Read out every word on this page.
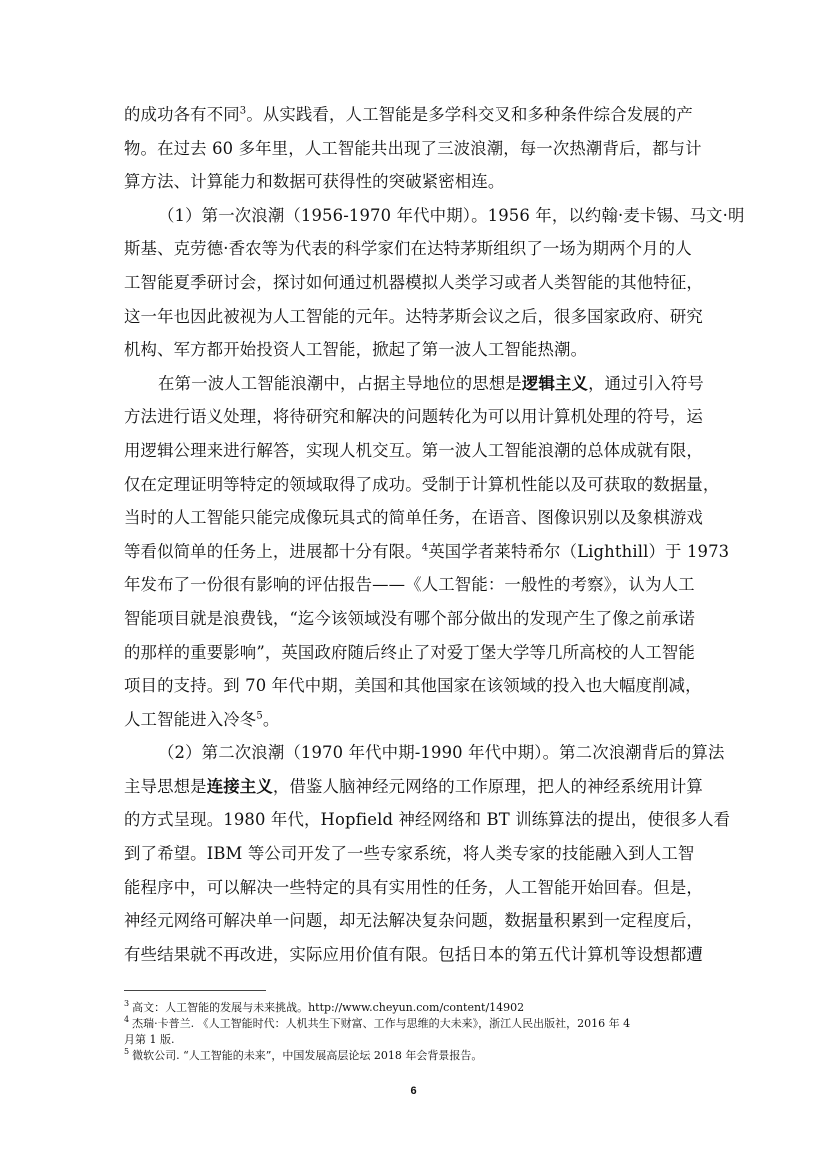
的成功各有不同$^3$。从实践看，人工智能是多学科交叉和多种条件综合发展的产
物。在过去 60 多年里，人工智能共出现了三波浪潮，每一次热潮背后，都与计
算方法、计算能力和数据可获得性的突破紧密相连。
（1）第一次浪潮（1956-1970 年代中期）。1956 年，以约翰·麦卡锡、马文·明
斯基、克劳德·香农等为代表的科学家们在达特茅斯组织了一场为期两个月的人
工智能夏季研讨会，探讨如何通过机器模拟人类学习或者人类智能的其他特征，
这一年也因此被视为人工智能的元年。达特茅斯会议之后，很多国家政府、研究
机构、军方都开始投资人工智能，掀起了第一波人工智能热潮。
在第一波人工智能浪潮中，占据主导地位的思想是逻辑主义，通过引入符号
方法进行语义处理，将待研究和解决的问题转化为可以用计算机处理的符号，运
用逻辑公理来进行解答，实现人机交互。第一波人工智能浪潮的总体成就有限，
仅在定理证明等特定的领域取得了成功。受制于计算机性能以及可获取的数据量，
当时的人工智能只能完成像玩具式的简单任务，在语音、图像识别以及象棋游戏
等看似简单的任务上，进展都十分有限。$^4$英国学者莱特希尔（Lighthill）于 1973
年发布了一份很有影响的评估报告——《人工智能：一般性的考察》，认为人工
智能项目就是浪费钱，“迄今该领域没有哪个部分做出的发现产生了像之前承诺
的那样的重要影响”，英国政府随后终止了对爱丁堡大学等几所高校的人工智能
项目的支持。到 70 年代中期，美国和其他国家在该领域的投入也大幅度削减，
人工智能进入冷冬$^5$。
（2）第二次浪潮（1970 年代中期-1990 年代中期）。第二次浪潮背后的算法
主导思想是连接主义，借鉴人脑神经元网络的工作原理，把人的神经系统用计算
的方式呈现。1980 年代，Hopfield 神经网络和 BT 训练算法的提出，使很多人看
到了希望。IBM 等公司开发了一些专家系统，将人类专家的技能融入到人工智
能程序中，可以解决一些特定的具有实用性的任务，人工智能开始回春。但是，
神经元网络可解决单一问题，却无法解决复杂问题，数据量积累到一定程度后，
有些结果就不再改进，实际应用价值有限。包括日本的第五代计算机等设想都遭
$^3$ 高文：人工智能的发展与未来挑战。http://www.cheyun.com/content/14902
$^4$ 杰瑞·卡普兰. 《人工智能时代：人机共生下财富、工作与思维的大未来》，浙江人民出版社，2016 年 4
月第 1 版.
$^5$ 微软公司. “人工智能的未来”，中国发展高层论坛 2018 年会背景报告。
6
